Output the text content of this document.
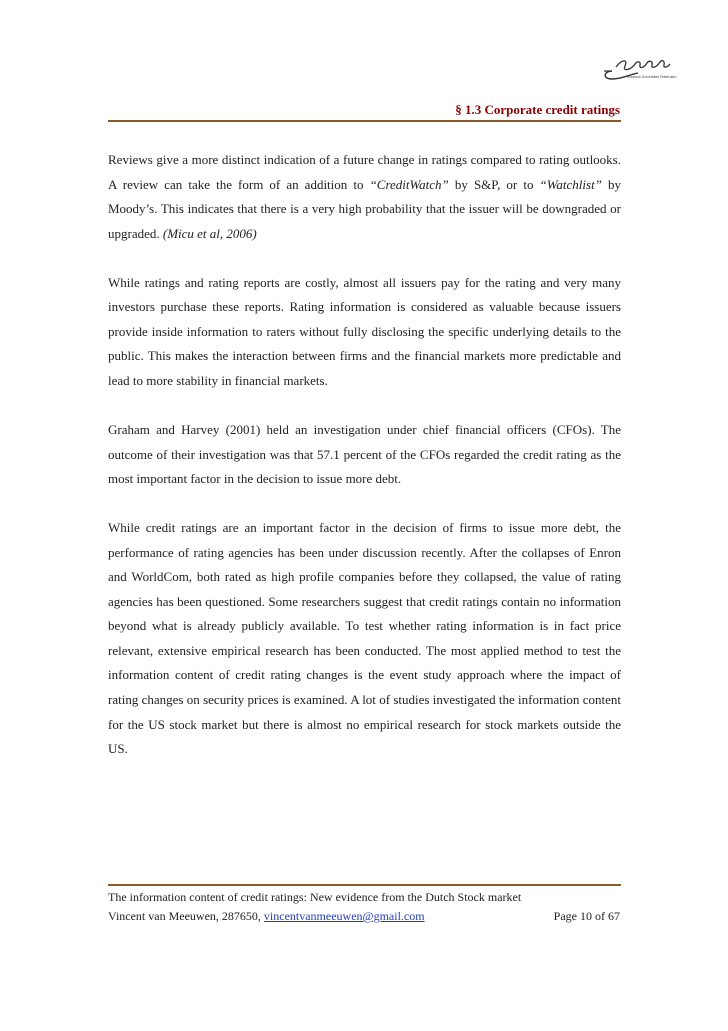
Erasmus Universiteit Rotterdam
§ 1.3 Corporate credit ratings

Reviews give a more distinct indication of a future change in ratings compared to rating outlooks. A review can take the form of an addition to “CreditWatch” by S&P, or to “Watchlist” by Moody’s. This indicates that there is a very high probability that the issuer will be downgraded or upgraded. (Micu et al, 2006)

While ratings and rating reports are costly, almost all issuers pay for the rating and very many investors purchase these reports. Rating information is considered as valuable because issuers provide inside information to raters without fully disclosing the specific underlying details to the public. This makes the interaction between firms and the financial markets more predictable and lead to more stability in financial markets.

Graham and Harvey (2001) held an investigation under chief financial officers (CFOs). The outcome of their investigation was that 57.1 percent of the CFOs regarded the credit rating as the most important factor in the decision to issue more debt.

While credit ratings are an important factor in the decision of firms to issue more debt, the performance of rating agencies has been under discussion recently. After the collapses of Enron and WorldCom, both rated as high profile companies before they collapsed, the value of rating agencies has been questioned. Some researchers suggest that credit ratings contain no information beyond what is already publicly available. To test whether rating information is in fact price relevant, extensive empirical research has been conducted. The most applied method to test the information content of credit rating changes is the event study approach where the impact of rating changes on security prices is examined. A lot of studies investigated the information content for the US stock market but there is almost no empirical research for stock markets outside the US.

The information content of credit ratings: New evidence from the Dutch Stock market
Vincent van Meeuwen, 287650, vincentvanmeeuwen@gmail.com	Page 10 of 67
